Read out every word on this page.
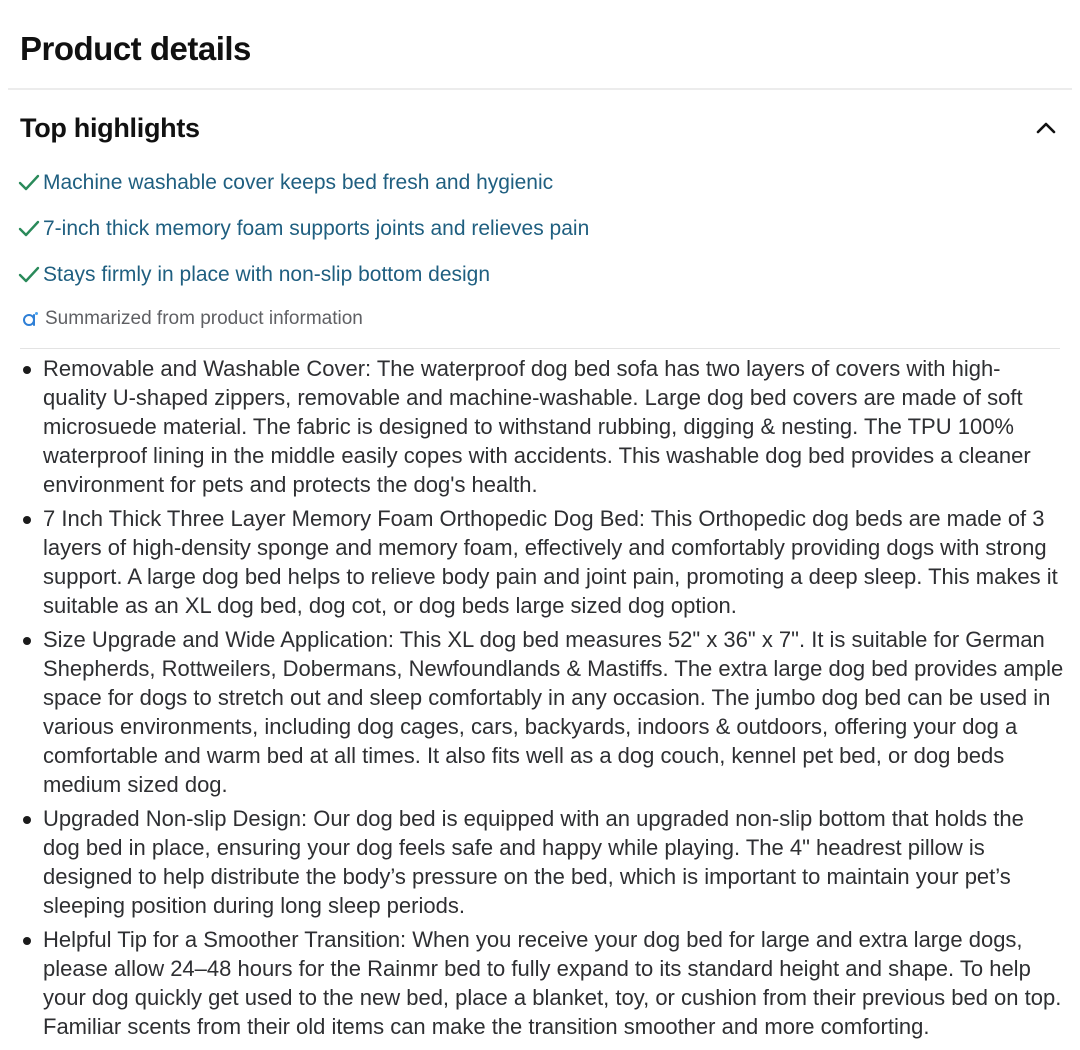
Product details
Top highlights
Machine washable cover keeps bed fresh and hygienic
7-inch thick memory foam supports joints and relieves pain
Stays firmly in place with non-slip bottom design
Summarized from product information
Removable and Washable Cover: The waterproof dog bed sofa has two layers of covers with high-quality U-shaped zippers, removable and machine-washable. Large dog bed covers are made of soft microsuede material. The fabric is designed to withstand rubbing, digging & nesting. The TPU 100% waterproof lining in the middle easily copes with accidents. This washable dog bed provides a cleaner environment for pets and protects the dog's health.
7 Inch Thick Three Layer Memory Foam Orthopedic Dog Bed: This Orthopedic dog beds are made of 3 layers of high-density sponge and memory foam, effectively and comfortably providing dogs with strong support. A large dog bed helps to relieve body pain and joint pain, promoting a deep sleep. This makes it suitable as an XL dog bed, dog cot, or dog beds large sized dog option.
Size Upgrade and Wide Application: This XL dog bed measures 52" x 36" x 7". It is suitable for German Shepherds, Rottweilers, Dobermans, Newfoundlands & Mastiffs. The extra large dog bed provides ample space for dogs to stretch out and sleep comfortably in any occasion. The jumbo dog bed can be used in various environments, including dog cages, cars, backyards, indoors & outdoors, offering your dog a comfortable and warm bed at all times. It also fits well as a dog couch, kennel pet bed, or dog beds medium sized dog.
Upgraded Non-slip Design: Our dog bed is equipped with an upgraded non-slip bottom that holds the dog bed in place, ensuring your dog feels safe and happy while playing. The 4" headrest pillow is designed to help distribute the body’s pressure on the bed, which is important to maintain your pet’s sleeping position during long sleep periods.
Helpful Tip for a Smoother Transition: When you receive your dog bed for large and extra large dogs, please allow 24–48 hours for the Rainmr bed to fully expand to its standard height and shape. To help your dog quickly get used to the new bed, place a blanket, toy, or cushion from their previous bed on top. Familiar scents from their old items can make the transition smoother and more comforting.
